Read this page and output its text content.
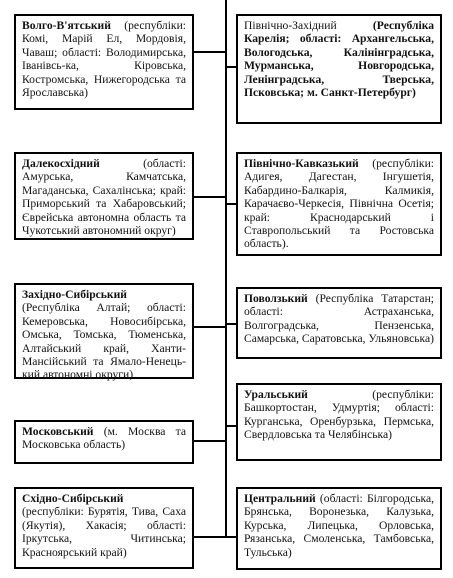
Волго-В'ятський (республіки: Комі, Марій Ел, Мордовія, Чаваш; області: Володимирська, Іванівсь-ка, Кіровська, Костромська, Нижегородська та Ярославська)
Далекосхідний (області: Амурська, Камчатська, Магаданська, Сахалінська; край: Приморський та Хабаровський; Єврейська автономна область та Чукотський автономний округ)
Західно-Сибірський (Республіка Алтай; області: Кемеровська, Новосибірська, Омська, Томська, Тюменська, Алтайський край, Ханти-Мансійський та Ямало-Ненець-кий автономні округи)
Московський (м. Москва та Московська область)
Східно-Сибірський (республіки: Бурятія, Тива, Саха (Якутія), Хакасія; області: Іркутська, Читинська; Красноярський край)
Північно-Західний (Республіка Карелія; області: Архангельська, Вологодська, Калінінградська, Мурманська, Новгородська, Ленінградська, Тверська, Псковська; м. Санкт-Петербург)
Північно-Кавказький (республіки: Адигея, Дагестан, Інгушетія, Кабардино-Балкарія, Калмикія, Карачаєво-Черкесія, Північна Осетія; край: Краснодарський і Ставропольський та Ростовська область).
Поволзький (Республіка Татарстан; області: Астраханська, Волгоградська, Пензенська, Самарська, Саратовська, Ульяновська)
Уральський (республіки: Башкортостан, Удмуртія; області: Курганська, Оренбурзька, Пермська, Свердловська та Челябінська)
Центральний (області: Білгородська, Брянська, Воронезька, Калузька, Курська, Липецька, Орловська, Рязанська, Смоленська, Тамбовська, Тульська)
